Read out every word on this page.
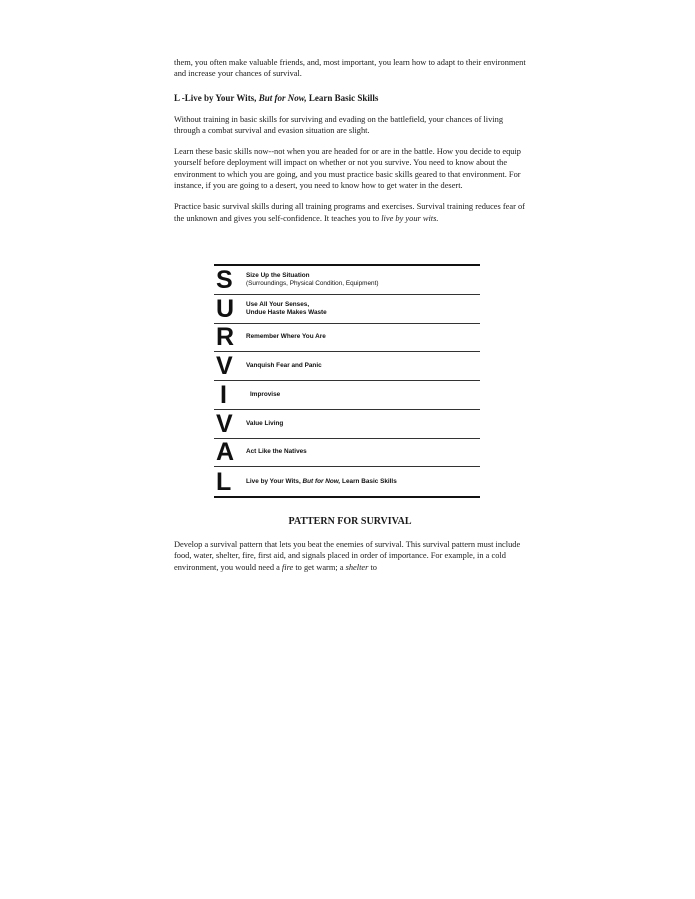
them, you often make valuable friends, and, most important, you learn how to adapt to their environment and increase your chances of survival.

L -Live by Your Wits, But for Now, Learn Basic Skills

Without training in basic skills for surviving and evading on the battlefield, your chances of living through a combat survival and evasion situation are slight.

Learn these basic skills now--not when you are headed for or are in the battle. How you decide to equip yourself before deployment will impact on whether or not you survive. You need to know about the environment to which you are going, and you must practice basic skills geared to that environment. For instance, if you are going to a desert, you need to know how to get water in the desert.

Practice basic survival skills during all training programs and exercises. Survival training reduces fear of the unknown and gives you self-confidence. It teaches you to live by your wits.

S	Size Up the Situation
(Surroundings, Physical Condition, Equipment)
U	Use All Your Senses,
Undue Haste Makes Waste
R	Remember Where You Are
V	Vanquish Fear and Panic
I	Improvise
V	Value Living
A	Act Like the Natives
L	Live by Your Wits, But for Now, Learn Basic Skills

PATTERN FOR SURVIVAL

Develop a survival pattern that lets you beat the enemies of survival. This survival pattern must include food, water, shelter, fire, first aid, and signals placed in order of importance. For example, in a cold environment, you would need a fire to get warm; a shelter to
